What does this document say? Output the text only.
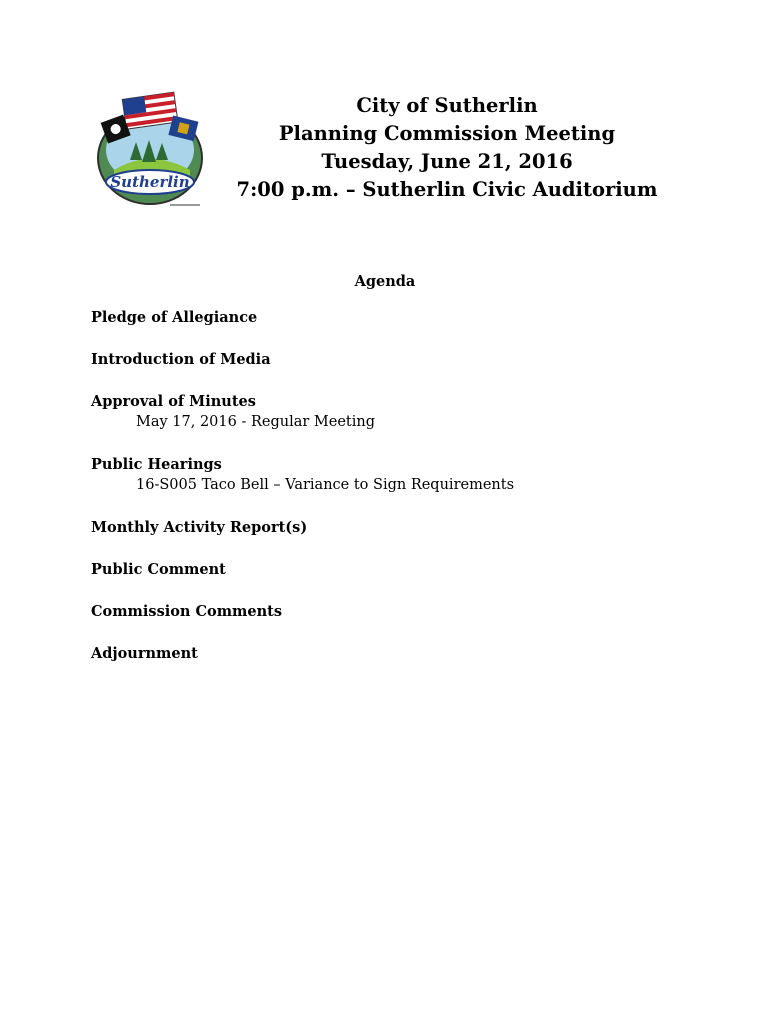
Sutherlin
City of Sutherlin
Planning Commission Meeting
Tuesday, June 21, 2016
7:00 p.m. – Sutherlin Civic Auditorium
Agenda
Pledge of Allegiance
Introduction of Media
Approval of Minutes
May 17, 2016 - Regular Meeting
Public Hearings
16-S005 Taco Bell – Variance to Sign Requirements
Monthly Activity Report(s)
Public Comment
Commission Comments
Adjournment
